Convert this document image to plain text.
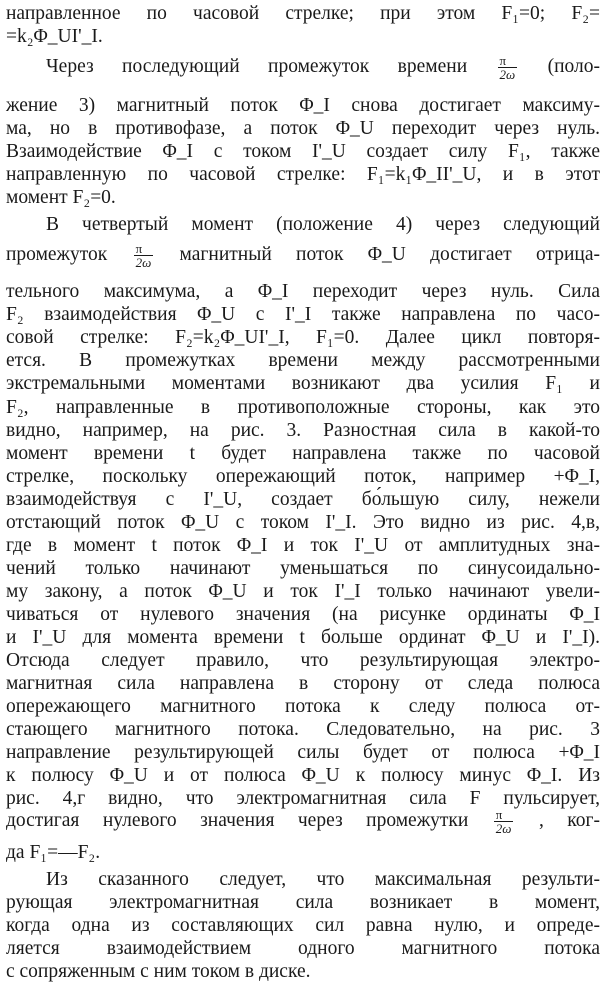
направленное по часовой стрелке; при этом F₁=0; F₂=
=k₂Φ_UI'_I.
Через последующий промежуток времени $\frac{\pi}{2\omega}$ (поло-
жение 3) магнитный поток Φ_I снова достигает максиму-
ма, но в противофазе, а поток Φ_U переходит через нуль.
Взаимодействие Φ_I с током I'_U создает силу F₁, также
направленную по часовой стрелке: F₁=k₁Φ_II'_U, и в этот
момент F₂=0.
В четвертый момент (положение 4) через следующий
промежуток $\frac{\pi}{2\omega}$ магнитный поток Φ_U достигает отрица-
тельного максимума, а Φ_I переходит через нуль. Сила
F₂ взаимодействия Φ_U с I'_I также направлена по часо-
совой стрелке: F₂=k₂Φ_UI'_I, F₁=0. Далее цикл повторя-
ется. В промежутках времени между рассмотренными
экстремальными моментами возникают два усилия F₁ и
F₂, направленные в противоположные стороны, как это
видно, например, на рис. 3. Разностная сила в какой-то
момент времени t будет направлена также по часовой
стрелке, поскольку опережающий поток, например +Φ_I,
взаимодействуя с I'_U, создает бо́льшую силу, нежели
отстающий поток Φ_U с током I'_I. Это видно из рис. 4,в,
где в момент t поток Φ_I и ток I'_U от амплитудных зна-
чений только начинают уменьшаться по синусоидально-
му закону, а поток Φ_U и ток I'_I только начинают увели-
чиваться от нулевого значения (на рисунке ординаты Φ_I
и I'_U для момента времени t больше ординат Φ_U и I'_I).
Отсюда следует правило, что результирующая электро-
магнитная сила направлена в сторону от следа полюса
опережающего магнитного потока к следу полюса от-
стающего магнитного потока. Следовательно, на рис. 3
направление результирующей силы будет от полюса +Φ_I
к полюсу Φ_U и от полюса Φ_U к полюсу минус Φ_I. Из
рис. 4,г видно, что электромагнитная сила F пульсирует,
достигая нулевого значения через промежутки $\frac{\pi}{2\omega}$ , ког-
да F₁=—F₂.
Из сказанного следует, что максимальная результи-
рующая электромагнитная сила возникает в момент,
когда одна из составляющих сил равна нулю, и опреде-
ляется взаимодействием одного магнитного потока
с сопряженным с ним током в диске.
